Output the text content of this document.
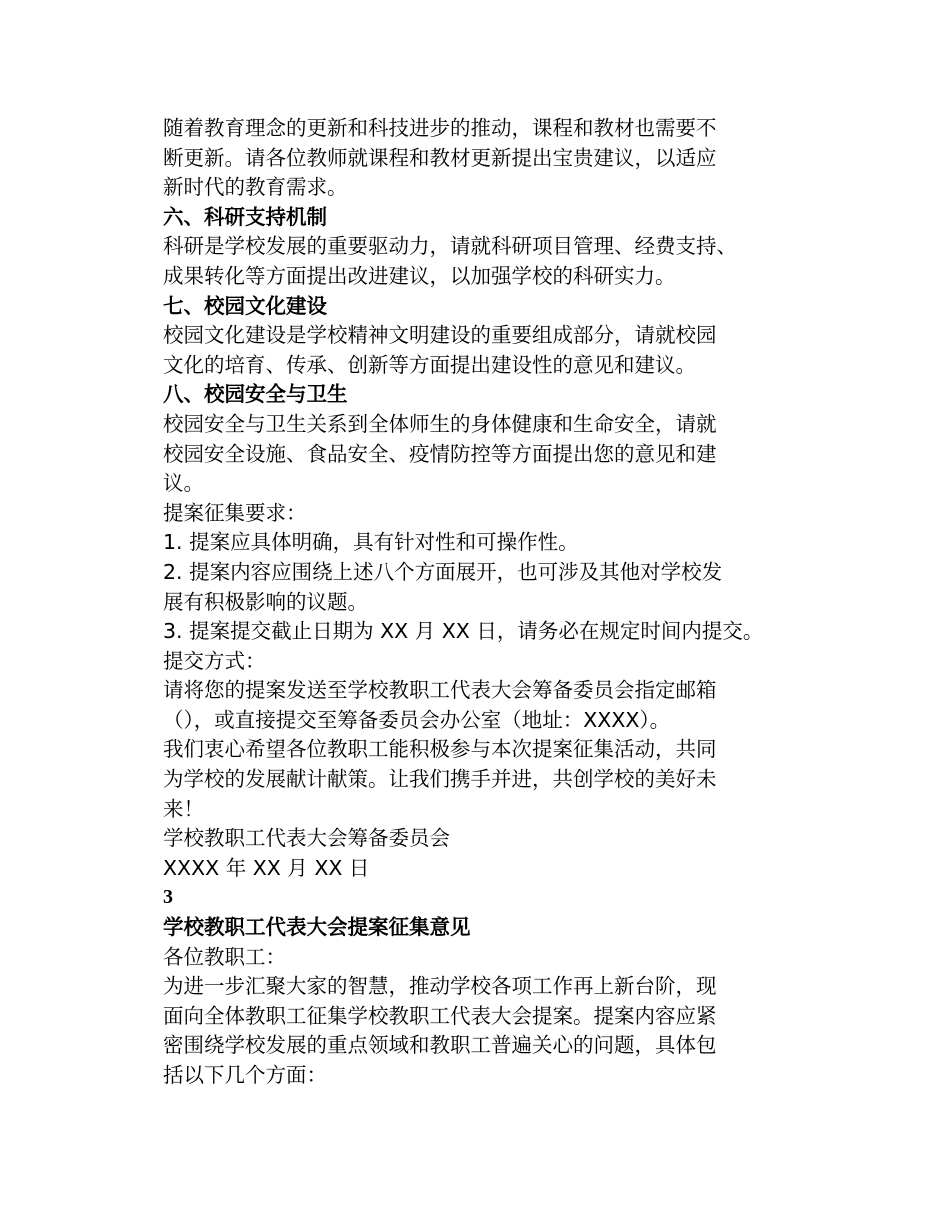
随着教育理念的更新和科技进步的推动，课程和教材也需要不

断更新。请各位教师就课程和教材更新提出宝贵建议，以适应

新时代的教育需求。

六、科研支持机制

科研是学校发展的重要驱动力，请就科研项目管理、经费支持、

成果转化等方面提出改进建议，以加强学校的科研实力。

七、校园文化建设

校园文化建设是学校精神文明建设的重要组成部分，请就校园

文化的培育、传承、创新等方面提出建设性的意见和建议。

八、校园安全与卫生

校园安全与卫生关系到全体师生的身体健康和生命安全，请就

校园安全设施、食品安全、疫情防控等方面提出您的意见和建

议。

提案征集要求：

1. 提案应具体明确，具有针对性和可操作性。

2. 提案内容应围绕上述八个方面展开，也可涉及其他对学校发

展有积极影响的议题。

3. 提案提交截止日期为 XX 月 XX 日，请务必在规定时间内提交。

提交方式：

请将您的提案发送至学校教职工代表大会筹备委员会指定邮箱

（），或直接提交至筹备委员会办公室（地址：XXXX）。

我们衷心希望各位教职工能积极参与本次提案征集活动，共同

为学校的发展献计献策。让我们携手并进，共创学校的美好未

来！

学校教职工代表大会筹备委员会

XXXX 年 XX 月 XX 日

3

学校教职工代表大会提案征集意见

各位教职工：

为进一步汇聚大家的智慧，推动学校各项工作再上新台阶，现

面向全体教职工征集学校教职工代表大会提案。提案内容应紧

密围绕学校发展的重点领域和教职工普遍关心的问题，具体包

括以下几个方面：
